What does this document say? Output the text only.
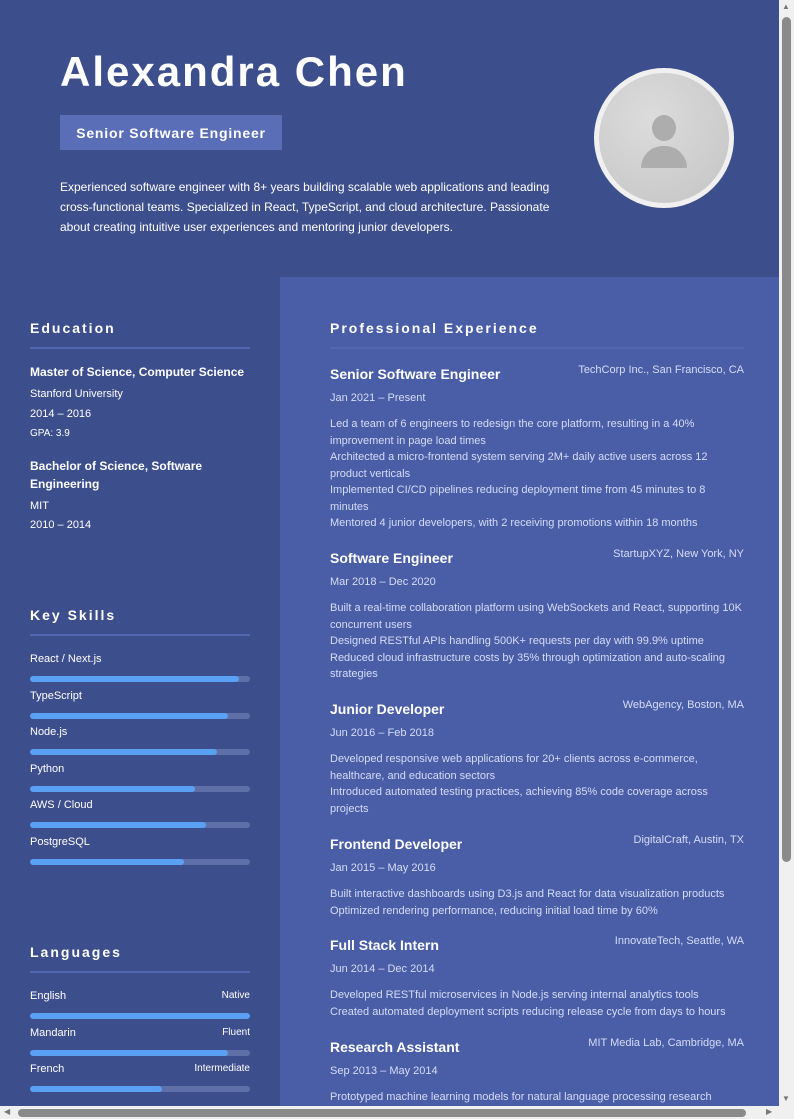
Alexandra Chen
Senior Software Engineer
Experienced software engineer with 8+ years building scalable web applications and leading cross-functional teams. Specialized in React, TypeScript, and cloud architecture. Passionate about creating intuitive user experiences and mentoring junior developers.
Education
Master of Science, Computer Science
Stanford University
2014 – 2016
GPA: 3.9
Bachelor of Science, Software Engineering
MIT
2010 – 2014
Key Skills
React / Next.js
TypeScript
Node.js
Python
AWS / Cloud
PostgreSQL
Languages
English	Native
Mandarin	Fluent
French	Intermediate
Professional Experience
Senior Software Engineer	TechCorp Inc., San Francisco, CA
Jan 2021 – Present
Led a team of 6 engineers to redesign the core platform, resulting in a 40% improvement in page load times
Architected a micro-frontend system serving 2M+ daily active users across 12 product verticals
Implemented CI/CD pipelines reducing deployment time from 45 minutes to 8 minutes
Mentored 4 junior developers, with 2 receiving promotions within 18 months
Software Engineer	StartupXYZ, New York, NY
Mar 2018 – Dec 2020
Built a real-time collaboration platform using WebSockets and React, supporting 10K concurrent users
Designed RESTful APIs handling 500K+ requests per day with 99.9% uptime
Reduced cloud infrastructure costs by 35% through optimization and auto-scaling strategies
Junior Developer	WebAgency, Boston, MA
Jun 2016 – Feb 2018
Developed responsive web applications for 20+ clients across e-commerce, healthcare, and education sectors
Introduced automated testing practices, achieving 85% code coverage across projects
Frontend Developer	DigitalCraft, Austin, TX
Jan 2015 – May 2016
Built interactive dashboards using D3.js and React for data visualization products
Optimized rendering performance, reducing initial load time by 60%
Full Stack Intern	InnovateTech, Seattle, WA
Jun 2014 – Dec 2014
Developed RESTful microservices in Node.js serving internal analytics tools
Created automated deployment scripts reducing release cycle from days to hours
Research Assistant	MIT Media Lab, Cambridge, MA
Sep 2013 – May 2014
Prototyped machine learning models for natural language processing research
▲
▼
◀	▶
